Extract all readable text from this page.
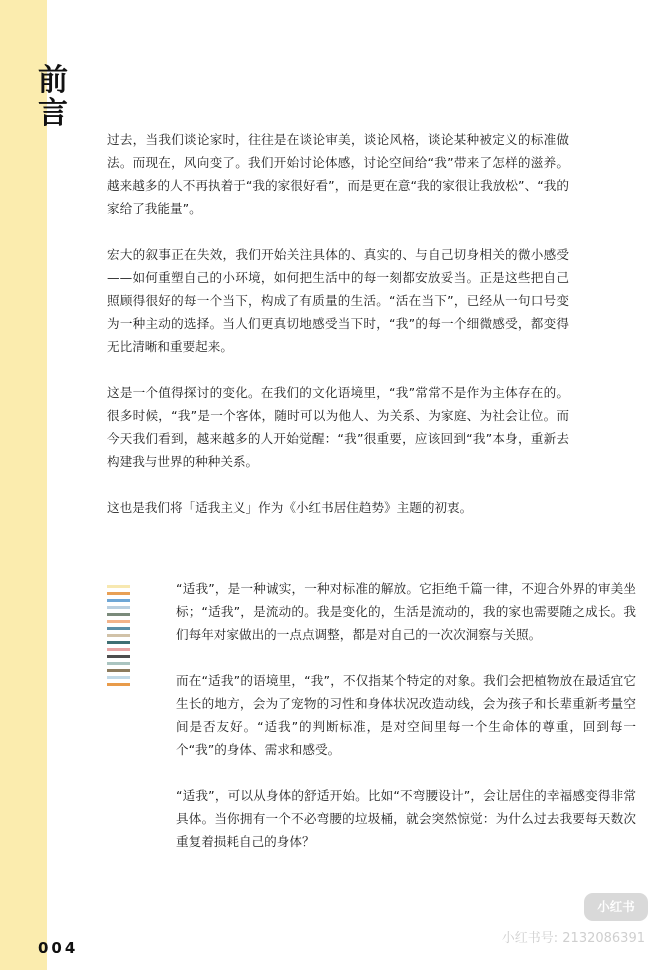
前言

过去，当我们谈论家时，往往是在谈论审美，谈论风格，谈论某种被定义的标准做法。而现在，风向变了。我们开始讨论体感，讨论空间给“我”带来了怎样的滋养。越来越多的人不再执着于“我的家很好看”，而是更在意“我的家很让我放松”、“我的家给了我能量”。

宏大的叙事正在失效，我们开始关注具体的、真实的、与自己切身相关的微小感受——如何重塑自己的小环境，如何把生活中的每一刻都安放妥当。正是这些把自己照顾得很好的每一个当下，构成了有质量的生活。“活在当下”，已经从一句口号变为一种主动的选择。当人们更真切地感受当下时，“我”的每一个细微感受，都变得无比清晰和重要起来。

这是一个值得探讨的变化。在我们的文化语境里，“我”常常不是作为主体存在的。很多时候，“我”是一个客体，随时可以为他人、为关系、为家庭、为社会让位。而今天我们看到，越来越多的人开始觉醒：“我”很重要，应该回到“我”本身，重新去构建我与世界的种种关系。

这也是我们将「适我主义」作为《小红书居住趋势》主题的初衷。

“适我”，是一种诚实，一种对标准的解放。它拒绝千篇一律，不迎合外界的审美坐标；“适我”，是流动的。我是变化的，生活是流动的，我的家也需要随之成长。我们每年对家做出的一点点调整，都是对自己的一次次洞察与关照。

而在“适我”的语境里，“我”，不仅指某个特定的对象。我们会把植物放在最适宜它生长的地方，会为了宠物的习性和身体状况改造动线，会为孩子和长辈重新考量空间是否友好。“适我”的判断标准，是对空间里每一个生命体的尊重，回到每一个“我”的身体、需求和感受。

“适我”，可以从身体的舒适开始。比如“不弯腰设计”，会让居住的幸福感变得非常具体。当你拥有一个不必弯腰的垃圾桶，就会突然惊觉：为什么过去我要每天数次重复着损耗自己的身体？

004
小红书
小红书号: 2132086391
